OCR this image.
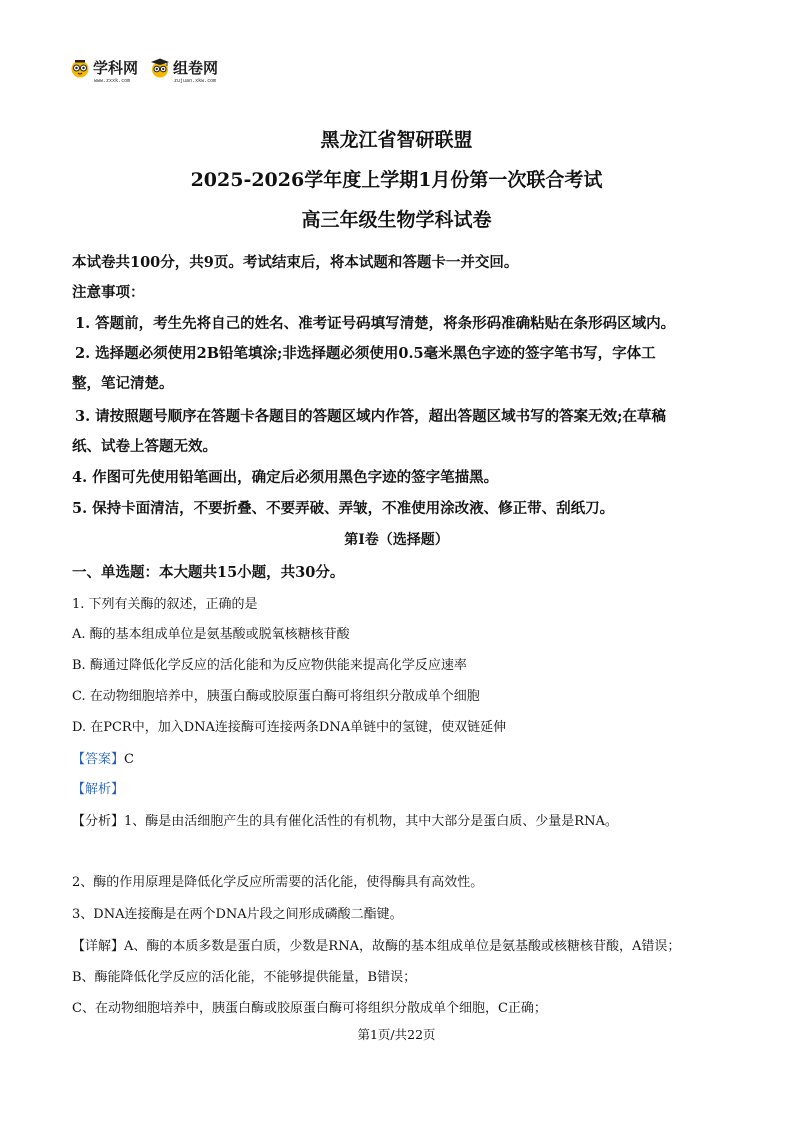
学科网
www.zxxk.com
组卷网
zujuan.xkw.com
黑龙江省智研联盟
2025-2026学年度上学期1月份第一次联合考试
高三年级生物学科试卷
本试卷共100分，共9页。考试结束后，将本试题和答题卡一并交回。
注意事项：
1. 答题前，考生先将自己的姓名、准考证号码填写清楚，将条形码准确粘贴在条形码区域内。
2. 选择题必须使用2B铅笔填涂;非选择题必须使用0.5毫米黑色字迹的签字笔书写，字体工
整，笔记清楚。
3. 请按照题号顺序在答题卡各题目的答题区域内作答，超出答题区域书写的答案无效;在草稿
纸、试卷上答题无效。
4. 作图可先使用铅笔画出，确定后必须用黑色字迹的签字笔描黑。
5. 保持卡面清洁，不要折叠、不要弄破、弄皱，不准使用涂改液、修正带、刮纸刀。
第I卷（选择题）
一、单选题：本大题共15小题，共30分。
1. 下列有关酶的叙述，正确的是
A. 酶的基本组成单位是氨基酸或脱氧核糖核苷酸
B. 酶通过降低化学反应的活化能和为反应物供能来提高化学反应速率
C. 在动物细胞培养中，胰蛋白酶或胶原蛋白酶可将组织分散成单个细胞
D. 在PCR中，加入DNA连接酶可连接两条DNA单链中的氢键，使双链延伸
【答案】C
【解析】
【分析】1、酶是由活细胞产生的具有催化活性的有机物，其中大部分是蛋白质、少量是RNA。
2、酶的作用原理是降低化学反应所需要的活化能，使得酶具有高效性。
3、DNA连接酶是在两个DNA片段之间形成磷酸二酯键。
【详解】A、酶的本质多数是蛋白质，少数是RNA，故酶的基本组成单位是氨基酸或核糖核苷酸，A错误；
B、酶能降低化学反应的活化能，不能够提供能量，B错误；
C、在动物细胞培养中，胰蛋白酶或胶原蛋白酶可将组织分散成单个细胞，C正确；
第1页/共22页
